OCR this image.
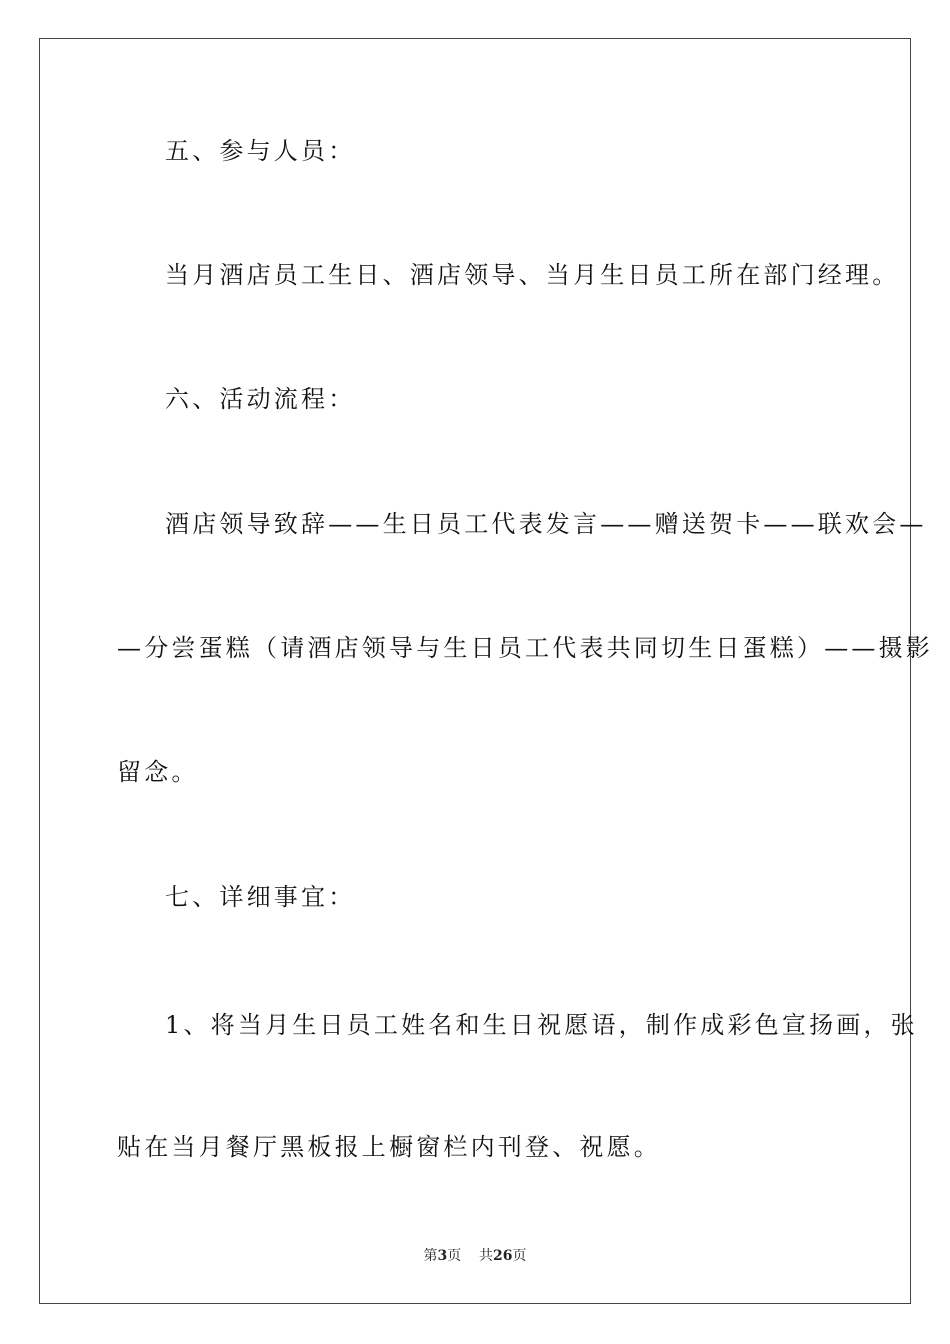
五、参与人员：
当月酒店员工生日、酒店领导、当月生日员工所在部门经理。
六、活动流程：
酒店领导致辞——生日员工代表发言——赠送贺卡——联欢会—
—分尝蛋糕（请酒店领导与生日员工代表共同切生日蛋糕）——摄影
留念。
七、详细事宜：
1、将当月生日员工姓名和生日祝愿语，制作成彩色宣扬画，张
贴在当月餐厅黑板报上橱窗栏内刊登、祝愿。
第3页 共26页
